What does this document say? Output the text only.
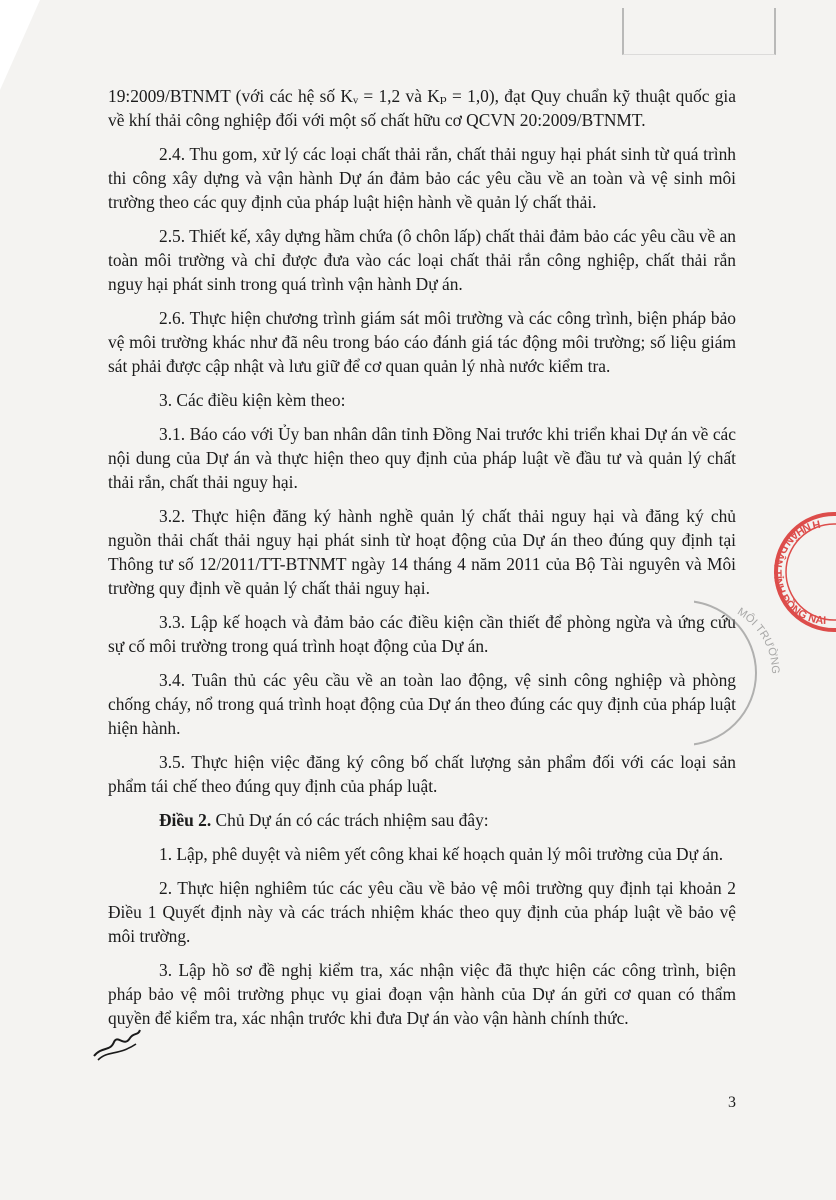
19:2009/BTNMT (với các hệ số Kᵥ = 1,2 và Kₚ = 1,0), đạt Quy chuẩn kỹ thuật quốc gia về khí thải công nghiệp đối với một số chất hữu cơ QCVN 20:2009/BTNMT.

2.4. Thu gom, xử lý các loại chất thải rắn, chất thải nguy hại phát sinh từ quá trình thi công xây dựng và vận hành Dự án đảm bảo các yêu cầu về an toàn và vệ sinh môi trường theo các quy định của pháp luật hiện hành về quản lý chất thải.

2.5. Thiết kế, xây dựng hầm chứa (ô chôn lấp) chất thải đảm bảo các yêu cầu về an toàn môi trường và chỉ được đưa vào các loại chất thải rắn công nghiệp, chất thải rắn nguy hại phát sinh trong quá trình vận hành Dự án.

2.6. Thực hiện chương trình giám sát môi trường và các công trình, biện pháp bảo vệ môi trường khác như đã nêu trong báo cáo đánh giá tác động môi trường; số liệu giám sát phải được cập nhật và lưu giữ để cơ quan quản lý nhà nước kiểm tra.

3. Các điều kiện kèm theo:

3.1. Báo cáo với Ủy ban nhân dân tỉnh Đồng Nai trước khi triển khai Dự án về các nội dung của Dự án và thực hiện theo quy định của pháp luật về đầu tư và quản lý chất thải rắn, chất thải nguy hại.

3.2. Thực hiện đăng ký hành nghề quản lý chất thải nguy hại và đăng ký chủ nguồn thải chất thải nguy hại phát sinh từ hoạt động của Dự án theo đúng quy định tại Thông tư số 12/2011/TT-BTNMT ngày 14 tháng 4 năm 2011 của Bộ Tài nguyên và Môi trường quy định về quản lý chất thải nguy hại.

3.3. Lập kế hoạch và đảm bảo các điều kiện cần thiết để phòng ngừa và ứng cứu sự cố môi trường trong quá trình hoạt động của Dự án.

3.4. Tuân thủ các yêu cầu về an toàn lao động, vệ sinh công nghiệp và phòng chống cháy, nổ trong quá trình hoạt động của Dự án theo đúng các quy định của pháp luật hiện hành.

3.5. Thực hiện việc đăng ký công bố chất lượng sản phẩm đối với các loại sản phẩm tái chế theo đúng quy định của pháp luật.

Điều 2. Chủ Dự án có các trách nhiệm sau đây:

1. Lập, phê duyệt và niêm yết công khai kế hoạch quản lý môi trường của Dự án.

2. Thực hiện nghiêm túc các yêu cầu về bảo vệ môi trường quy định tại khoản 2 Điều 1 Quyết định này và các trách nhiệm khác theo quy định của pháp luật về bảo vệ môi trường.

3. Lập hồ sơ đề nghị kiểm tra, xác nhận việc đã thực hiện các công trình, biện pháp bảo vệ môi trường phục vụ giai đoạn vận hành của Dự án gửi cơ quan có thẩm quyền để kiểm tra, xác nhận trước khi đưa Dự án vào vận hành chính thức.

H NHÂN DÂN TỈNH ĐỒNG NAI
MÔI TRƯỜNG
3
